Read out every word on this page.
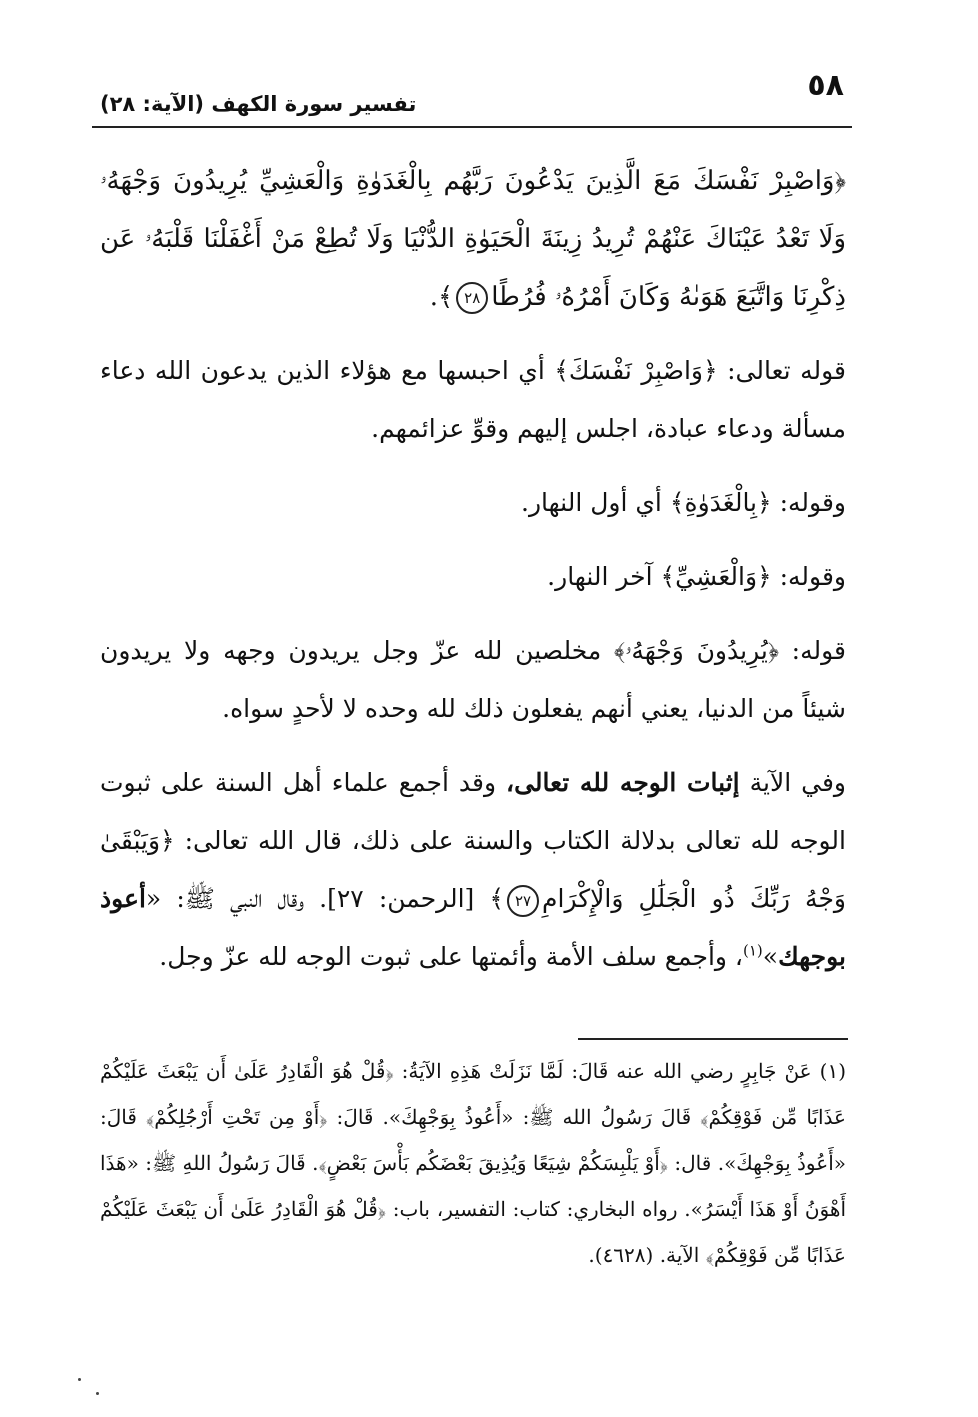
٥٨
تفسير سورة الكهف (الآية: ٢٨)

﴿وَاصْبِرْ نَفْسَكَ مَعَ الَّذِينَ يَدْعُونَ رَبَّهُم بِالْغَدَوٰةِ وَالْعَشِيِّ يُرِيدُونَ وَجْهَهُۥ وَلَا تَعْدُ عَيْنَاكَ عَنْهُمْ تُرِيدُ زِينَةَ الْحَيَوٰةِ الدُّنْيَا وَلَا تُطِعْ مَنْ أَغْفَلْنَا قَلْبَهُۥ عَن ذِكْرِنَا وَاتَّبَعَ هَوَىٰهُ وَكَانَ أَمْرُهُۥ فُرُطًا٢٨﴾.

قوله تعالى: ﴿وَاصْبِرْ نَفْسَكَ﴾ أي احبسها مع هؤلاء الذين يدعون الله دعاء مسألة ودعاء عبادة، اجلس إليهم وقوِّ عزائمهم.

وقوله: ﴿بِالْغَدَوٰةِ﴾ أي أول النهار.

وقوله: ﴿وَالْعَشِيِّ﴾ آخر النهار.

قوله: ﴿يُرِيدُونَ وَجْهَهُۥ﴾ مخلصين لله عزّ وجل يريدون وجهه ولا يريدون شيئاً من الدنيا، يعني أنهم يفعلون ذلك لله وحده لا لأحدٍ سواه.

وفي الآية إثبات الوجه لله تعالى، وقد أجمع علماء أهل السنة على ثبوت الوجه لله تعالى بدلالة الكتاب والسنة على ذلك، قال الله تعالى: ﴿وَيَبْقَىٰ وَجْهُ رَبِّكَ ذُو الْجَلَٰلِ وَالْإِكْرَامِ٢٧﴾ [الرحمن: ٢٧]. وقال النبي ﷺ: «أعوذ بوجهك»$^{(١)}$، وأجمع سلف الأمة وأئمتها على ثبوت الوجه لله عزّ وجل.

(١) عَنْ جَابِرٍ رضي الله عنه قَالَ: لَمَّا نَزَلَتْ هَذِهِ الآيَةُ: ﴿قُلْ هُوَ الْقَادِرُ عَلَىٰ أَن يَبْعَثَ عَلَيْكُمْ عَذَابًا مِّن فَوْقِكُمْ﴾ قَالَ رَسُولُ الله ﷺ: «أَعُوذُ بِوَجْهِكَ». قَالَ: ﴿أَوْ مِن تَحْتِ أَرْجُلِكُمْ﴾ قَالَ: «أَعُوذُ بِوَجْهِكَ». قال: ﴿أَوْ يَلْبِسَكُمْ شِيَعًا وَيُذِيقَ بَعْضَكُم بَأْسَ بَعْضٍ﴾. قَالَ رَسُولُ اللهِ ﷺ: «هَذَا أَهْوَنُ أَوْ هَذَا أَيْسَرُ». رواه البخاري: كتاب: التفسير، باب: ﴿قُلْ هُوَ الْقَادِرُ عَلَىٰ أَن يَبْعَثَ عَلَيْكُمْ عَذَابًا مِّن فَوْقِكُمْ﴾ الآية. (٤٦٢٨).
